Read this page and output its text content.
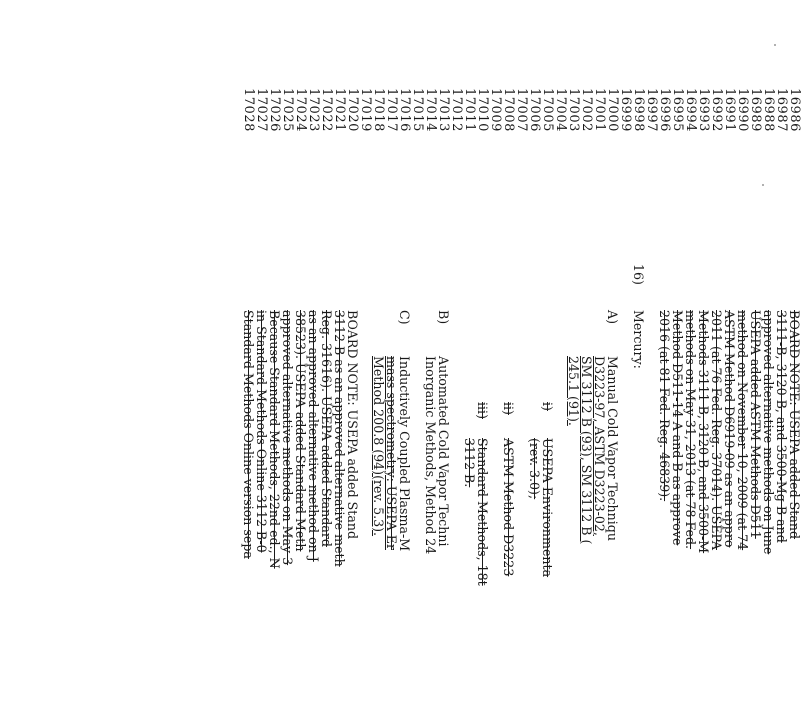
16986
16987
16988
16989
16990
16991
16992
16993
16994
16995
16996
16997
16998
16999
17000
17001
17002
17003
17004
17005
17006
17007
17008
17009
17010
17011
17012
17013
17014
17015
17016
17017
17018
17019
17020
17021
17022
17023
17024
17025
17026
17027
17028
BOARD NOTE: USEPA added Stand
3111-B, 3120 B, and 3500-Mg B and
approved alternative methods on June
USEPA added ASTM Methods D511
method on November 10, 2009 (at 74
ASTM Method D6919-09 as an appro
2011 (at 76 Fed. Reg. 37014). USEPA
Methods 3111 B, 3120 B, and 3500-M
methods on May 31, 2013 (at 78 Fed.
Method D511-14 A and B as approve
2016 (at 81 Fed. Reg. 46839).
16)
Mercury:
A)
Manual Cold Vapor Techniqu
D3223-97, ASTM D3223-02,
SM 3112 B (93), SM 3112 B (
245.1 (91).
i)
USEPA Environmenta
(rev. 3.0);
ii)
ASTM Method D3223
iii)
Standard Methods, 18t
3112 B.
B)
Automated Cold Vapor Techni
Inorganic Methods, Method 24
C)
Inductively Coupled Plasma-M
mass spectrometry: USEPA Er
Method 200.8 (94)(rev. 5.3).
BOARD NOTE: USEPA added Stand
3112 B as an approved alternative meth
Reg. 31616). USEPA added Standard
as an approved alternative method on J
38523). USEPA added Standard Meth
approved alternative methods on May 3
Because Standard Methods, 22nd ed., N
in Standard Methods Online 3112 B-0
Standard Methods Online version sepa
